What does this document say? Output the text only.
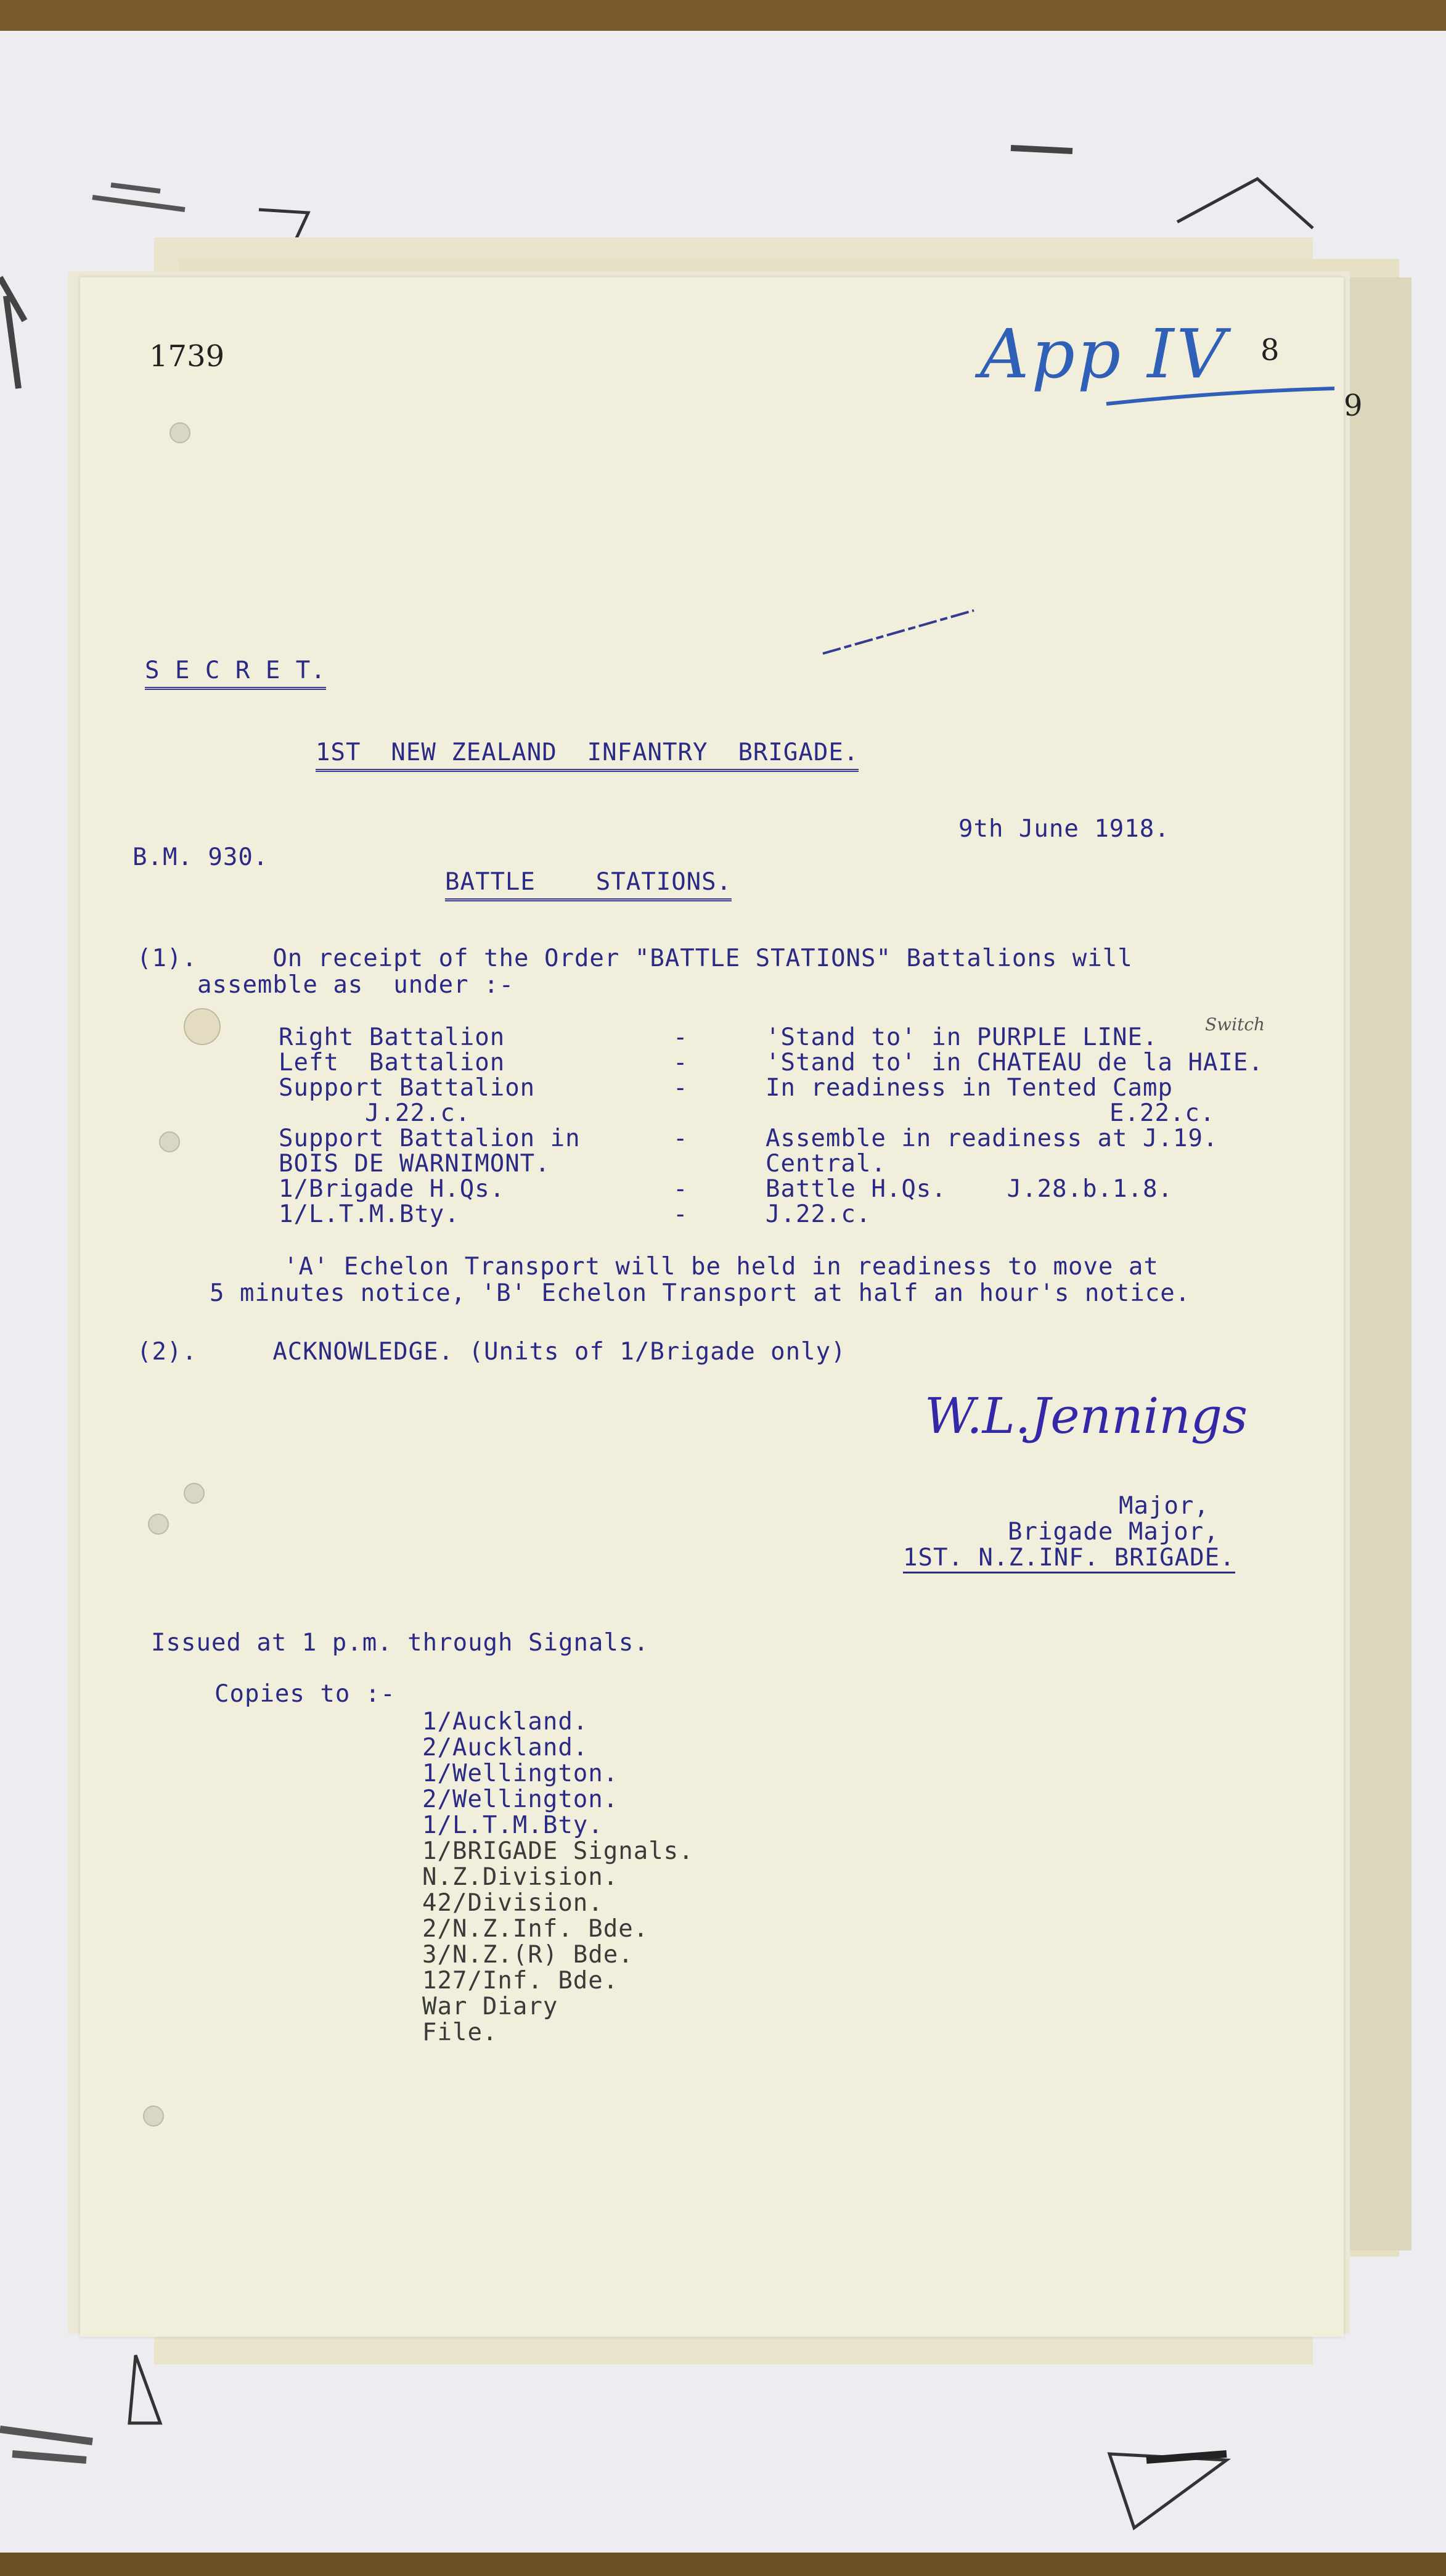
9
1739	App IV 8
S E C R E T.
1ST  NEW ZEALAND  INFANTRY  BRIGADE.
9th June 1918.
B.M. 930.
BATTLE    STATIONS.
(1).     On receipt of the Order "BATTLE STATIONS" Battalions will
assemble as  under :-
Right Battalion	-	'Stand to' in PURPLE LINE.
Left  Battalion	-	'Stand to' in CHATEAU de la HAIE.
Support Battalion	-	In readiness in Tented Camp
J.22.c.	E.22.c.
Support Battalion in	-	Assemble in readiness at J.19.
BOIS DE WARNIMONT.	Central.
1/Brigade H.Qs.	-	Battle H.Qs.    J.28.b.1.8.
1/L.T.M.Bty.	-	J.22.c.
Switch
'A' Echelon Transport will be held in readiness to move at
5 minutes notice, 'B' Echelon Transport at half an hour's notice.
(2).     ACKNOWLEDGE. (Units of 1/Brigade only)
W.L.Jennings
Major,
Brigade Major,
1ST. N.Z.INF. BRIGADE.
Issued at 1 p.m. through Signals.
Copies to :-
1/Auckland.
2/Auckland.
1/Wellington.
2/Wellington.
1/L.T.M.Bty.
1/BRIGADE Signals.
N.Z.Division.
42/Division.
2/N.Z.Inf. Bde.
3/N.Z.(R) Bde.
127/Inf. Bde.
War Diary
File.
